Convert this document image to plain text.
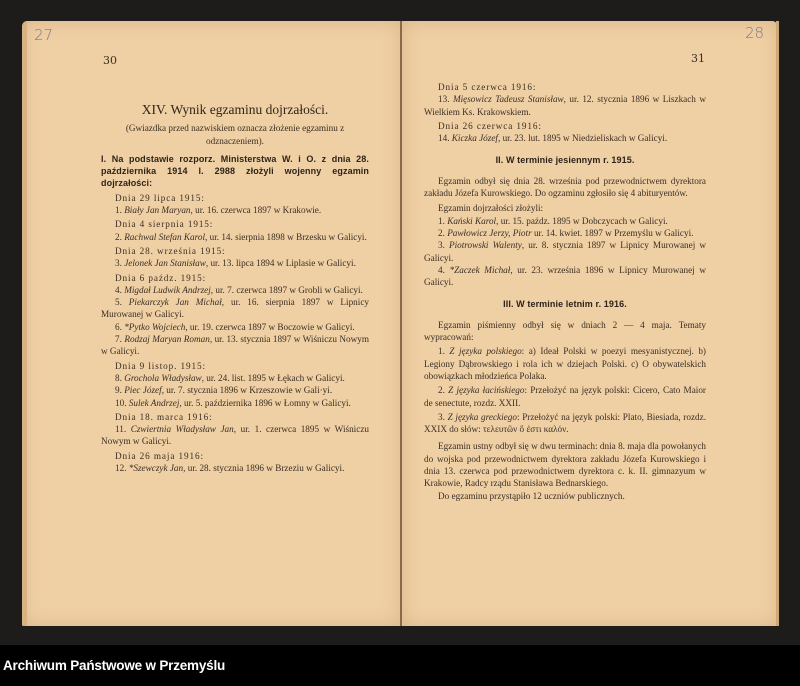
27
30

XIV. Wynik egzaminu dojrzałości.

(Gwiazdka przed nazwiskiem oznacza złożenie egzaminu z odznaczeniem).

I. Na podstawie rozporz. Ministerstwa W. i O. z dnia 28. października 1914 l. 2988 złożyli wojenny egzamin dojrzałości:

Dnia 29 lipca 1915:

1. Biały Jan Maryan, ur. 16. czerwca 1897 w Krakowie.

Dnia 4 sierpnia 1915:

2. Rachwal Stefan Karol, ur. 14. sierpnia 1898 w Brzesku w Galicyi.

Dnia 28. września 1915:

3. Jelonek Jan Stanisław, ur. 13. lipca 1894 w Liplasie w Galicyi.

Dnia 6 paźdz. 1915:

4. Migdał Ludwik Andrzej, ur. 7. czerwca 1897 w Grobli w Galicyi.

5. Piekarczyk Jan Michał, ur. 16. sierpnia 1897 w Lipnicy Murowanej w Galicyi.

6. *Pytko Wojciech, ur. 19. czerwca 1897 w Boczowie w Galicyi.

7. Rodzaj Maryan Roman, ur. 13. stycznia 1897 w Wiśniczu Nowym w Galicyi.

Dnia 9 listop. 1915:

8. Grochola Władysław, ur. 24. list. 1895 w Łękach w Galicyi.

9. Piec Józef, ur. 7. stycznia 1896 w Krzeszowie w Gali·yi.

10. Sulek Andrzej, ur. 5. października 1896 w Łomny w Galicyi.

Dnia 18. marca 1916:

11. Czwiertnia Władysław Jan, ur. 1. czerwca 1895 w Wiśniczu Nowym w Galicyi.

Dnia 26 maja 1916:

12. *Szewczyk Jan, ur. 28. stycznia 1896 w Brzeziu w Galicyi.

28
31

Dnia 5 czerwca 1916:

13. Mięsowicz Tadeusz Stanisław, ur. 12. stycznia 1896 w Liszkach w Wielkiem Ks. Krakowskiem.

Dnia 26 czerwca 1916:

14. Kiczka Józef, ur. 23. lut. 1895 w Niedzieliskach w Galicyi.

II. W terminie jesiennym r. 1915.

Egzamin odbył się dnia 28. września pod przewodnictwem dyrektora zakładu Józefa Kurowskiego. Do ogzaminu zgłosiło się 4 abituryentów.

Egzamin dojrzałości złożyli:

1. Kański Karol, ur. 15. paźdz. 1895 w Dobczycach w Galicyi.

2. Pawłowicz Jerzy, Piotr ur. 14. kwiet. 1897 w Przemyślu w Galicyi.

3. Piotrowski Walenty, ur. 8. stycznia 1897 w Lipnicy Murowanej w Galicyi.

4. *Zaczek Michał, ur. 23. września 1896 w Lipnicy Murowanej w Galicyi.

III. W terminie letnim r. 1916.

Egzamin piśmienny odbył się w dniach 2 — 4 maja. Tematy wypracowań:

1. Z języka polskiego: a) Ideał Polski w poezyi mesyanistycznej. b) Legiony Dąbrowskiego i rola ich w dziejach Polski. c) O obywatelskich obowiązkach młodzieńca Polaka.

2. Z języka łacińskiego: Przełożyć na język polski: Cicero, Cato Maior de senectute, rozdz. XXII.

3. Z języka greckiego: Przełożyć na język polski: Plato, Biesiada, rozdz. XXIX do słów: τελευτῶν ὅ ἐστι καλόν.

Egzamin ustny odbył się w dwu terminach: dnia 8. maja dla powołanych do wojska pod przewodnictwem dyrektora zakładu Józefa Kurowskiego i dnia 13. czerwca pod przewodnictwem dyrektora c. k. II. gimnazyum w Krakowie, Radcy rządu Stanisława Bednarskiego.

Do egzaminu przystąpiło 12 uczniów publicznych.

Archiwum Państwowe w Przemyślu
